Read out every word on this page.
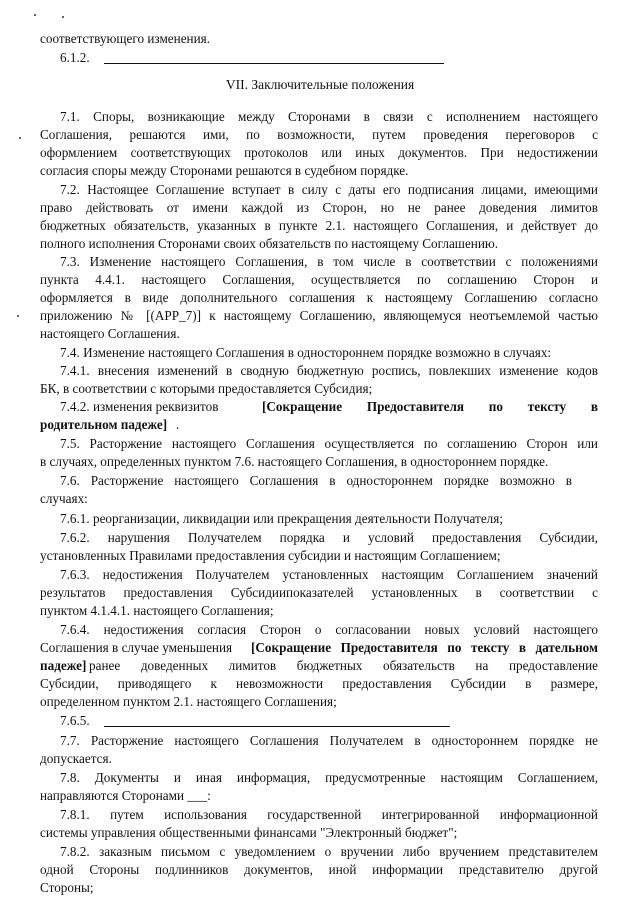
соответствующего изменения.
6.1.2.
VII. Заключительные положения
7.1. Споры, возникающие между Сторонами в связи с исполнением настоящего
Соглашения, решаются ими, по возможности, путем проведения переговоров с
оформлением соответствующих протоколов или иных документов. При недостижении
согласия споры между Сторонами решаются в судебном порядке.
7.2. Настоящее Соглашение вступает в силу с даты его подписания лицами, имеющими
право действовать от имени каждой из Сторон, но не ранее доведения лимитов
бюджетных обязательств, указанных в пункте 2.1. настоящего Соглашения, и действует до
полного исполнения Сторонами своих обязательств по настоящему Соглашению.
7.3. Изменение настоящего Соглашения, в том числе в соответствии с положениями
пункта 4.4.1. настоящего Соглашения, осуществляется по соглашению Сторон и
оформляется в виде дополнительного соглашения к настоящему Соглашению согласно
приложению № [(APP_7)] к настоящему Соглашению, являющемуся неотъемлемой частью
настоящего Соглашения.
7.4. Изменение настоящего Соглашения в одностороннем порядке возможно в случаях:
7.4.1. внесения изменений в сводную бюджетную роспись, повлекших изменение кодов
БК, в соответствии с которыми предоставляется Субсидия;
7.4.2. изменения реквизитов	[Сокращение Предоставителя по тексту в
родительном падеже] .
7.5. Расторжение настоящего Соглашения осуществляется по соглашению Сторон или
в случаях, определенных пунктом 7.6. настоящего Соглашения, в одностороннем порядке.
7.6. Расторжение настоящего Соглашения в одностороннем порядке возможно в
случаях:
7.6.1. реорганизации, ликвидации или прекращения деятельности Получателя;
7.6.2. нарушения Получателем порядка и условий предоставления Субсидии,
установленных Правилами предоставления субсидии и настоящим Соглашением;
7.6.3. недостижения Получателем установленных настоящим Соглашением значений
результатов предоставления Субсидиипоказателей установленных в соответствии с
пунктом 4.1.4.1. настоящего Соглашения;
7.6.4. недостижения согласия Сторон о согласовании новых условий настоящего
Соглашения в случае уменьшения [Сокращение Предоставителя по тексту в дательном
падеже] ранее доведенных лимитов бюджетных обязательств на предоставление
Субсидии, приводящего к невозможности предоставления Субсидии в размере,
определенном пунктом 2.1. настоящего Соглашения;
7.6.5.
7.7. Расторжение настоящего Соглашения Получателем в одностороннем порядке не
допускается.
7.8. Документы и иная информация, предусмотренные настоящим Соглашением,
направляются Сторонами ___:
7.8.1. путем использования государственной интегрированной информационной
системы управления общественными финансами "Электронный бюджет";
7.8.2. заказным письмом с уведомлением о вручении либо вручением представителем
одной Стороны подлинников документов, иной информации представителю другой
Стороны;
